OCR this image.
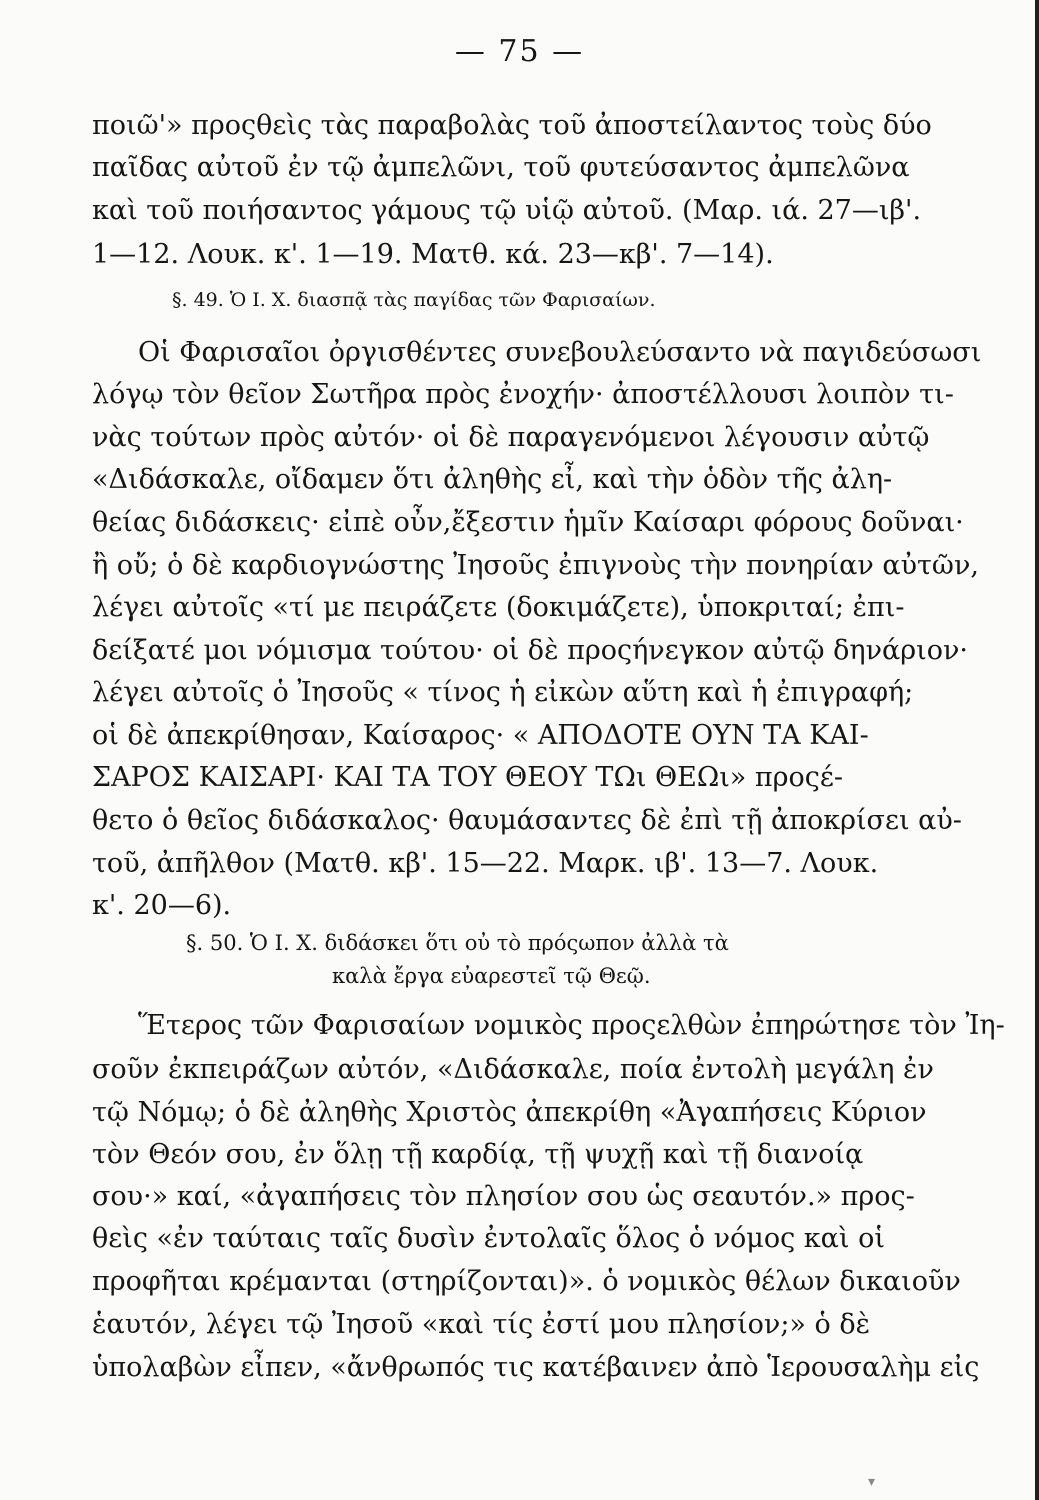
— 75 —
ποιῶ'» προςθεὶς τὰς παραβολὰς τοῦ ἀποστείλαντος τοὺς δύο
παῖδας αὐτοῦ ἐν τῷ ἀμπελῶνι, τοῦ φυτεύσαντος ἀμπελῶνα
καὶ τοῦ ποιήσαντος γάμους τῷ υἱῷ αὐτοῦ. (Μαρ. ιά. 27—ιβ'.
1—12. Λουκ. κ'. 1—19. Ματθ. κά. 23—κβ'. 7—14).
§. 49. Ὁ Ι. Χ. διασπᾷ τὰς παγίδας τῶν Φαρισαίων.
Οἱ Φαρισαῖοι ὀργισθέντες συνεβουλεύσαντο νὰ παγιδεύσωσι
λόγῳ τὸν θεῖον Σωτῆρα πρὸς ἐνοχήν· ἀποστέλλουσι λοιπὸν τι-
νὰς τούτων πρὸς αὐτόν· οἱ δὲ παραγενόμενοι λέγουσιν αὐτῷ
«Διδάσκαλε, οἴδαμεν ὅτι ἀληθὴς εἶ, καὶ τὴν ὁδὸν τῆς ἀλη-
θείας διδάσκεις· εἰπὲ οὖν,ἔξεστιν ἡμῖν Καίσαρι φόρους δοῦναι·
ἢ οὔ; ὁ δὲ καρδιογνώστης Ἰησοῦς ἐπιγνοὺς τὴν πονηρίαν αὐτῶν,
λέγει αὐτοῖς «τί με πειράζετε (δοκιμάζετε), ὑποκριταί; ἐπι-
δείξατέ μοι νόμισμα τούτου· οἱ δὲ προςήνεγκον αὐτῷ δηνάριον·
λέγει αὐτοῖς ὁ Ἰησοῦς « τίνος ἡ εἰκὼν αὕτη καὶ ἡ ἐπιγραφή;
οἱ δὲ ἀπεκρίθησαν, Καίσαρος· « ΑΠΟΔΟΤΕ ΟΥΝ ΤΑ ΚΑΙ-
ΣΑΡΟΣ ΚΑΙΣΑΡΙ· ΚΑΙ ΤΑ ΤΟΥ ΘΕΟΥ ΤΩι ΘΕΩι» προςέ-
θετο ὁ θεῖος διδάσκαλος· θαυμάσαντες δὲ ἐπὶ τῇ ἀποκρίσει αὐ-
τοῦ, ἀπῆλθον (Ματθ. κβ'. 15—22. Μαρκ. ιβ'. 13—7. Λουκ.
κ'. 20—6).
§. 50. Ὁ Ι. Χ. διδάσκει ὅτι οὐ τὸ πρόςωπον ἀλλὰ τὰ
καλὰ ἔργα εὐαρεστεῖ τῷ Θεῷ.
Ἕτερος τῶν Φαρισαίων νομικὸς προςελθὼν ἐπηρώτησε τὸν Ἰη-
σοῦν ἐκπειράζων αὐτόν, «Διδάσκαλε, ποία ἐντολὴ μεγάλη ἐν
τῷ Νόμῳ; ὁ δὲ ἀληθὴς Χριστὸς ἀπεκρίθη «Ἀγαπήσεις Κύριον
τὸν Θεόν σου, ἐν ὅλῃ τῇ καρδίᾳ, τῇ ψυχῇ καὶ τῇ διανοίᾳ
σου·» καί, «ἀγαπήσεις τὸν πλησίον σου ὡς σεαυτόν.» προς-
θεὶς «ἐν ταύταις ταῖς δυσὶν ἐντολαῖς ὅλος ὁ νόμος καὶ οἱ
προφῆται κρέμανται (στηρίζονται)». ὁ νομικὸς θέλων δικαιοῦν
ἑαυτόν, λέγει τῷ Ἰησοῦ «καὶ τίς ἐστί μου πλησίον;» ὁ δὲ
ὑπολαβὼν εἶπεν, «ἄνθρωπός τις κατέβαινεν ἀπὸ Ἱερουσαλὴμ εἰς
▾
